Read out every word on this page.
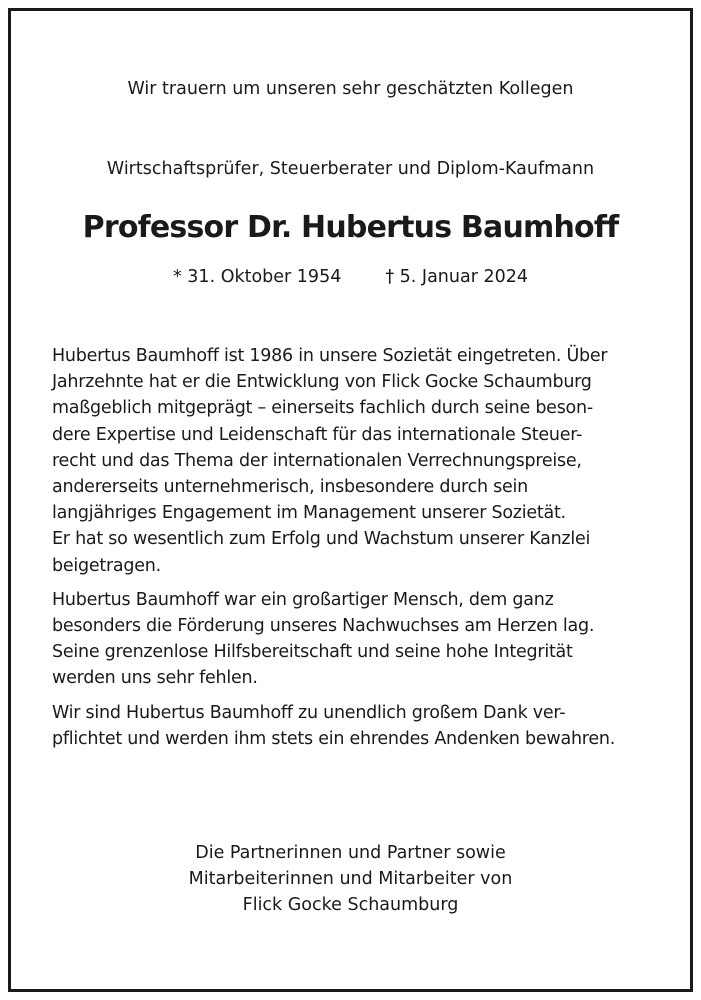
Wir trauern um unseren sehr geschätzten Kollegen
Wirtschaftsprüfer, Steuerberater und Diplom-Kaufmann
Professor Dr. Hubertus Baumhoff
* 31. Oktober 1954	† 5. Januar 2024

Hubertus Baumhoff ist 1986 in unsere Sozietät eingetreten. Über
Jahrzehnte hat er die Entwicklung von Flick Gocke Schaumburg
maßgeblich mitgeprägt – einerseits fachlich durch seine beson-
dere Expertise und Leidenschaft für das internationale Steuer-
recht und das Thema der internationalen Verrechnungspreise,
andererseits unternehmerisch, insbesondere durch sein
langjähriges Engagement im Management unserer Sozietät.
Er hat so wesentlich zum Erfolg und Wachstum unserer Kanzlei
beigetragen.

Hubertus Baumhoff war ein großartiger Mensch, dem ganz
besonders die Förderung unseres Nachwuchses am Herzen lag.
Seine grenzenlose Hilfsbereitschaft und seine hohe Integrität
werden uns sehr fehlen.

Wir sind Hubertus Baumhoff zu unendlich großem Dank ver-
pflichtet und werden ihm stets ein ehrendes Andenken bewahren.

Die Partnerinnen und Partner sowie
Mitarbeiterinnen und Mitarbeiter von
Flick Gocke Schaumburg
